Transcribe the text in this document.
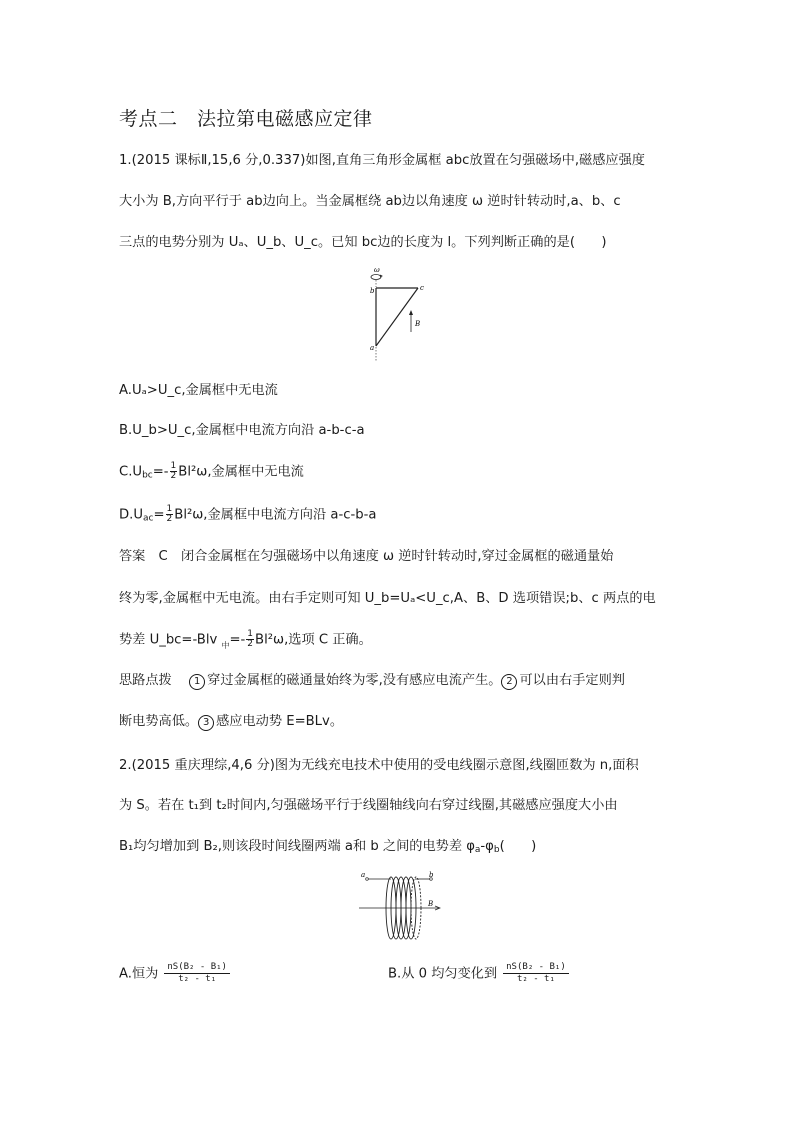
考点二　法拉第电磁感应定律
1.(2015 课标Ⅱ,15,6 分,0.337)如图,直角三角形金属框 abc放置在匀强磁场中,磁感应强度
大小为 B,方向平行于 ab边向上。当金属框绕 ab边以角速度 ω 逆时针转动时,a、b、c
三点的电势分别为 Uₐ、U_b、U_c。已知 bc边的长度为 l。下列判断正确的是(　　)
ω
b	c
a
B
A.Uₐ>U_c,金属框中无电流
B.U_b>U_c,金属框中电流方向沿 a-b-c-a
$C.U_{bc}=- \frac{1}{2} Bl^2\omega$,金属框中无电流
$D.U_{ac}= \frac{1}{2} Bl^2\omega$,金属框中电流方向沿 a-c-b-a
答案　C　闭合金属框在匀强磁场中以角速度 ω 逆时针转动时,穿过金属框的磁通量始
终为零,金属框中无电流。由右手定则可知 U_b=Uₐ<U_c,A、B、D 选项错误;b、c 两点的电
势差 U_bc=-Blv $_中=- \frac{1}{2} Bl^2\omega$,选项 C 正确。
思路点拨　 1 穿过金属框的磁通量始终为零,没有感应电流产生。 2 可以由右手定则判
断电势高低。 3 感应电动势 E=BLv。
2.(2015 重庆理综,4,6 分)图为无线充电技术中使用的受电线圈示意图,线圈匝数为 n,面积
为 S。若在 t₁到 t₂时间内,匀强磁场平行于线圈轴线向右穿过线圈,其磁感应强度大小由
B₁均匀增加到 B₂,则该段时间线圈两端 a和 b 之间的电势差 $\varphi_a-\varphi_b$(　　)
a	b
B
A.恒为 $\frac{\text{nS(B₂ - B₁)}}{\text{t₂ - t₁}}$	B.从 0 均匀变化到 $\frac{\text{nS(B₂ - B₁)}}{\text{t₂ - t₁}}$
